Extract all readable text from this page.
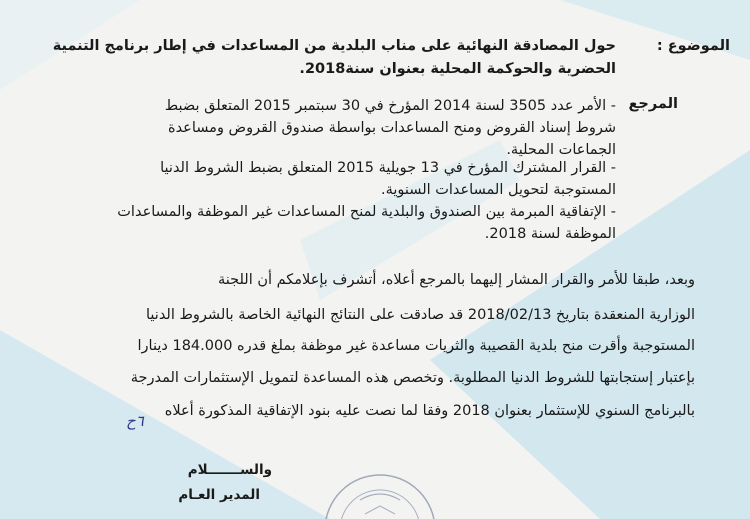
الموضوع :
حول المصادقة النهائية على مناب البلدية من المساعدات في إطار برنامج التنمية
الحضرية والحوكمة المحلية بعنوان سنة2018.
المرجع
- الأمر عدد 3505 لسنة 2014 المؤرخ في 30 سبتمبر 2015 المتعلق بضبط
شروط إسناد القروض ومنح المساعدات بواسطة صندوق القروض ومساعدة
الجماعات المحلية.
- القرار المشترك المؤرخ في 13 جويلية 2015 المتعلق بضبط الشروط الدنيا
المستوجبة لتحويل المساعدات السنوية.
- الإتفاقية المبرمة بين الصندوق والبلدية لمنح المساعدات غير الموظفة والمساعدات
الموظفة لسنة 2018.
وبعد، طبقا للأمر والقرار المشار إليهما بالمرجع أعلاه، أتشرف بإعلامكم أن اللجنة
الوزارية المنعقدة بتاريخ 2018/02/13 قد صادقت على النتائج النهائية الخاصة بالشروط الدنيا
المستوجبة وأقرت منح بلدية القصيبة والثريات مساعدة غير موظفة بملغ قدره 184.000 دينارا
بإعتبار إستجابتها للشروط الدنيا المطلوبة. وتخصص هذه المساعدة لتمويل الإستثمارات المدرجة
بالبرنامج السنوي للإستثمار بعنوان 2018 وفقا لما نصت عليه بنود الإتفاقية المذكورة أعلاه
٦ح
والســـــــلام
المدير العـام
